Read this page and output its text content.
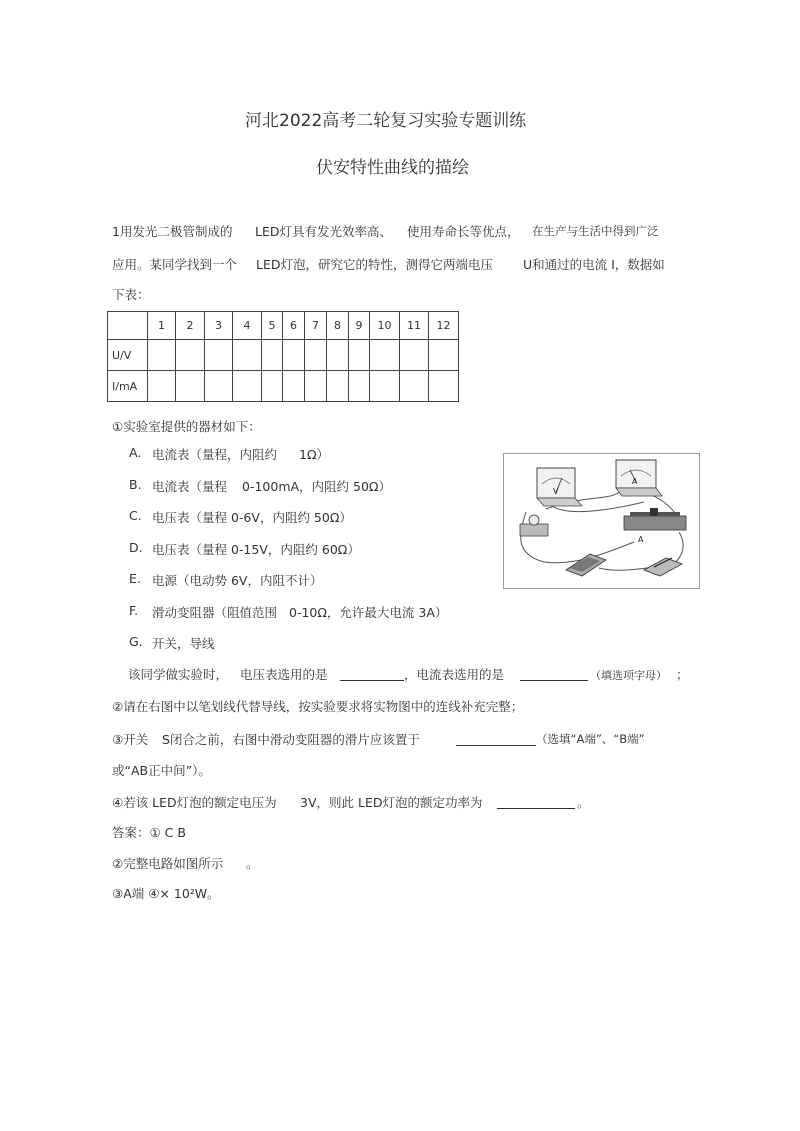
河北2022高考二轮复习实验专题训练
伏安特性曲线的描绘
1用发光二极管制成的 LED灯具有发光效率高、 使用寿命长等优点， 在生产与生活中得到广泛
应用。某同学找到一个 LED灯泡，研究它的特性，测得它两端电压 U和通过的电流 I，数据如
下表：
	1	2	3	4	5	6	7	8	9	10	11	12
U/V												
I/mA												
①实验室提供的器材如下：
A. 电流表（量程，内阻约 1Ω）
B. 电流表（量程 0-100mA，内阻约 50Ω）
C. 电压表（量程 0-6V，内阻约 50Ω）
D. 电压表（量程 0-15V，内阻约 60Ω）
E. 电源（电动势 6V，内阻不计）
F. 滑动变阻器（阻值范围 0-10Ω，允许最大电流 3A）
G. 开关，导线
V
A
A
该同学做实验时， 电压表选用的是	，电流表选用的是	（填选项字母） ；
②请在右图中以笔划线代替导线，按实验要求将实物图中的连线补充完整；
③开关 S闭合之前，右图中滑动变阻器的滑片应该置于	（选填“A端”、“B端”
或“AB正中间”）。
④若该 LED灯泡的额定电压为 3V，则此 LED灯泡的额定功率为	。
答案：① C B
②完整电路如图所示 。
③A端 ④× 10²W。
